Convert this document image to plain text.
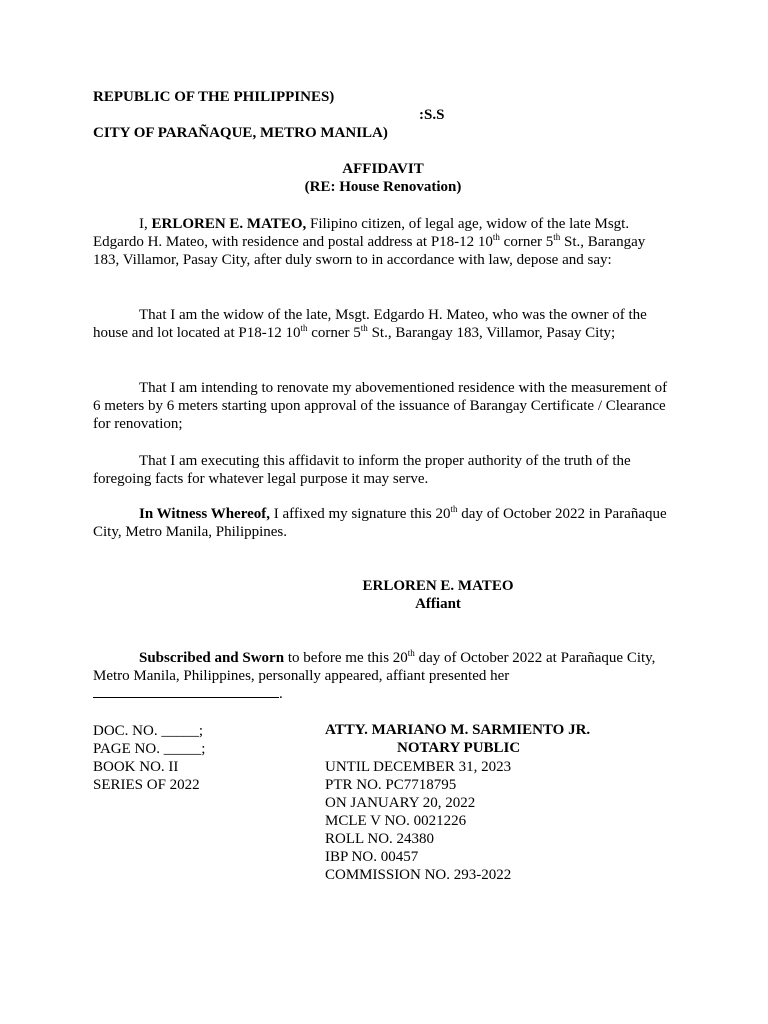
REPUBLIC OF THE PHILIPPINES)
:S.S
CITY OF PARAÑAQUE, METRO MANILA)
AFFIDAVIT
(RE: House Renovation)
I, ERLOREN E. MATEO, Filipino citizen, of legal age, widow of the late Msgt. Edgardo H. Mateo, with residence and postal address at P18-12 10th corner 5th St., Barangay 183, Villamor, Pasay City, after duly sworn to in accordance with law, depose and say:
That I am the widow of the late, Msgt. Edgardo H. Mateo, who was the owner of the house and lot located at P18-12 10th corner 5th St., Barangay 183, Villamor, Pasay City;
That I am intending to renovate my abovementioned residence with the measurement of 6 meters by 6 meters starting upon approval of the issuance of Barangay Certificate / Clearance for renovation;
That I am executing this affidavit to inform the proper authority of the truth of the foregoing facts for whatever legal purpose it may serve.
In Witness Whereof, I affixed my signature this 20th day of October 2022 in Parañaque City, Metro Manila, Philippines.
ERLOREN E. MATEO
Affiant
Subscribed and Sworn to before me this 20th day of October 2022 at Parañaque City, Metro Manila, Philippines, personally appeared, affiant presented her
.
DOC. NO. _____;
PAGE NO. _____;
BOOK NO. II
SERIES OF 2022
ATTY. MARIANO M. SARMIENTO JR.
NOTARY PUBLIC
UNTIL DECEMBER 31, 2023
PTR NO. PC7718795
ON JANUARY 20, 2022
MCLE V NO. 0021226
ROLL NO. 24380
IBP NO. 00457
COMMISSION NO. 293-2022
